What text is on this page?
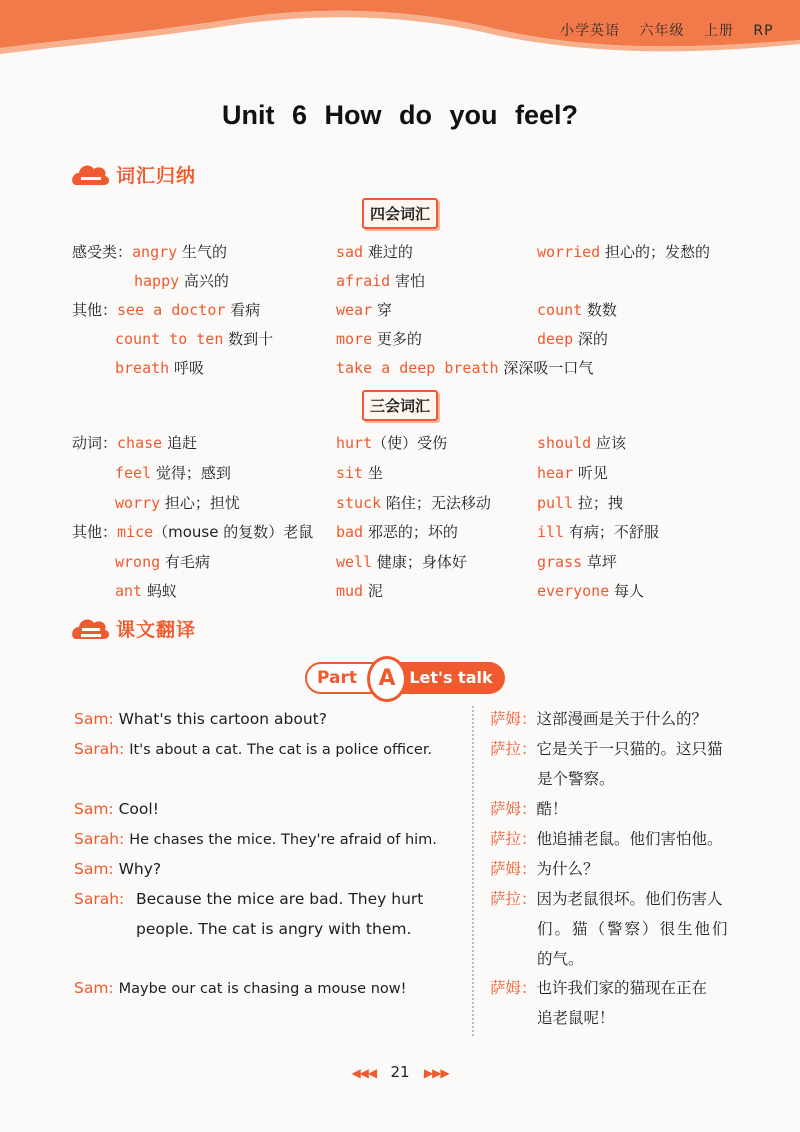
小学英语 六年级 上册 RP
Unit 6 How do you feel?
词汇归纳
四会词汇
感受类：angry 生气的	sad 难过的	worried 担心的；发愁的
happy 高兴的	afraid 害怕
其他：see a doctor 看病	wear 穿	count 数数
count to ten 数到十	more 更多的	deep 深的
breath 呼吸	take a deep breath 深深吸一口气
三会词汇
动词：chase 追赶	hurt（使）受伤	should 应该
feel 觉得；感到	sit 坐	hear 听见
worry 担心；担忧	stuck 陷住；无法移动	pull 拉；拽
其他：mice（mouse 的复数）老鼠 bad 邪恶的；坏的	ill 有病；不舒服
wrong 有毛病	well 健康；身体好	grass 草坪
ant 蚂蚁	mud 泥	everyone 每人
课文翻译
Part	Let's talk
A
Sam: What's this cartoon about?
Sarah: It's about a cat. The cat is a police officer.
Sam: Cool!
Sarah: He chases the mice. They're afraid of him.
Sam: Why?
Sarah: Because the mice are bad. They hurt
people. The cat is angry with them.
Sam: Maybe our cat is chasing a mouse now!
萨姆：这部漫画是关于什么的？
萨拉：它是关于一只猫的。这只猫
是个警察。
萨姆：酷！
萨拉：他追捕老鼠。他们害怕他。
萨姆：为什么？
萨拉：因为老鼠很坏。他们伤害人
们。猫（警察）很生他们
的气。
萨姆：也许我们家的猫现在正在
追老鼠呢！
◀◀◀ 21 ▶▶▶
